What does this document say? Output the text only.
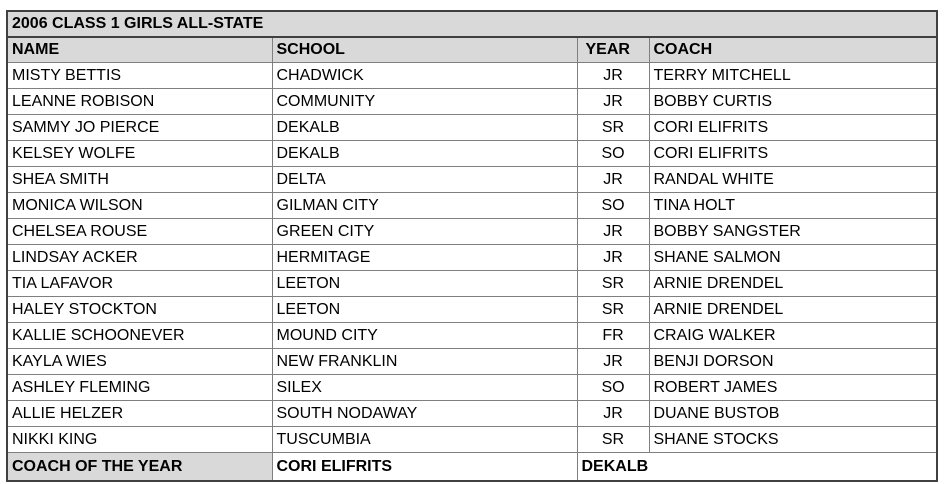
2006 CLASS 1 GIRLS ALL-STATE			
NAME	SCHOOL	YEAR	COACH
MISTY BETTIS	CHADWICK	JR	TERRY MITCHELL
LEANNE ROBISON	COMMUNITY	JR	BOBBY CURTIS
SAMMY JO PIERCE	DEKALB	SR	CORI ELIFRITS
KELSEY WOLFE	DEKALB	SO	CORI ELIFRITS
SHEA SMITH	DELTA	JR	RANDAL WHITE
MONICA WILSON	GILMAN CITY	SO	TINA HOLT
CHELSEA ROUSE	GREEN CITY	JR	BOBBY SANGSTER
LINDSAY ACKER	HERMITAGE	JR	SHANE SALMON
TIA LAFAVOR	LEETON	SR	ARNIE DRENDEL
HALEY STOCKTON	LEETON	SR	ARNIE DRENDEL
KALLIE SCHOONEVER	MOUND CITY	FR	CRAIG WALKER
KAYLA WIES	NEW FRANKLIN	JR	BENJI DORSON
ASHLEY FLEMING	SILEX	SO	ROBERT JAMES
ALLIE HELZER	SOUTH NODAWAY	JR	DUANE BUSTOB
NIKKI KING	TUSCUMBIA	SR	SHANE STOCKS
COACH OF THE YEAR	CORI ELIFRITS	DEKALB	
